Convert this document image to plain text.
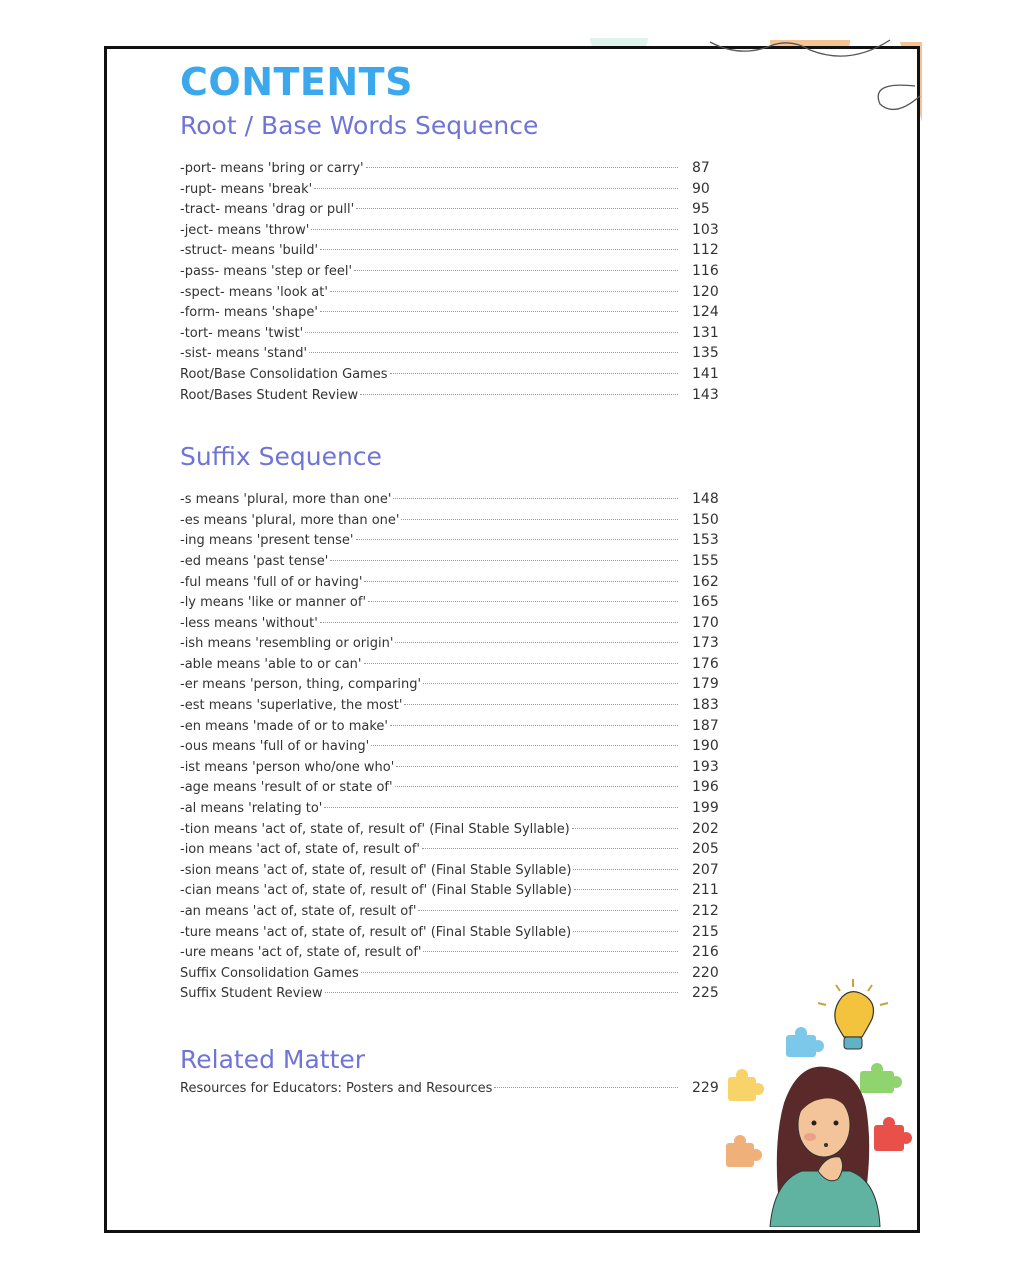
CONTENTS
Root / Base Words Sequence
-port- means 'bring or carry'	87
-rupt- means 'break'	90
-tract- means 'drag or pull'	95
-ject- means 'throw'	103
-struct- means 'build'	112
-pass- means 'step or feel'	116
-spect- means 'look at'	120
-form- means 'shape'	124
-tort- means 'twist'	131
-sist- means 'stand'	135
Root/Base Consolidation Games	141
Root/Bases Student Review	143
Suffix Sequence
-s means 'plural, more than one'	148
-es means 'plural, more than one'	150
-ing means 'present tense'	153
-ed means 'past tense'	155
-ful means 'full of or having'	162
-ly means 'like or manner of'	165
-less means 'without'	170
-ish means 'resembling or origin'	173
-able means 'able to or can'	176
-er means 'person, thing, comparing'	179
-est means 'superlative, the most'	183
-en means 'made of or to make'	187
-ous means 'full of or having'	190
-ist means 'person who/one who'	193
-age means 'result of or state of'	196
-al means 'relating to'	199
-tion means 'act of, state of, result of' (Final Stable Syllable)	202
-ion means 'act of, state of, result of'	205
-sion means 'act of, state of, result of' (Final Stable Syllable)	207
-cian means 'act of, state of, result of' (Final Stable Syllable)	211
-an means 'act of, state of, result of'	212
-ture means 'act of, state of, result of' (Final Stable Syllable)	215
-ure means 'act of, state of, result of'	216
Suffix Consolidation Games	220
Suffix Student Review	225
Related Matter
Resources for Educators: Posters and Resources	229
